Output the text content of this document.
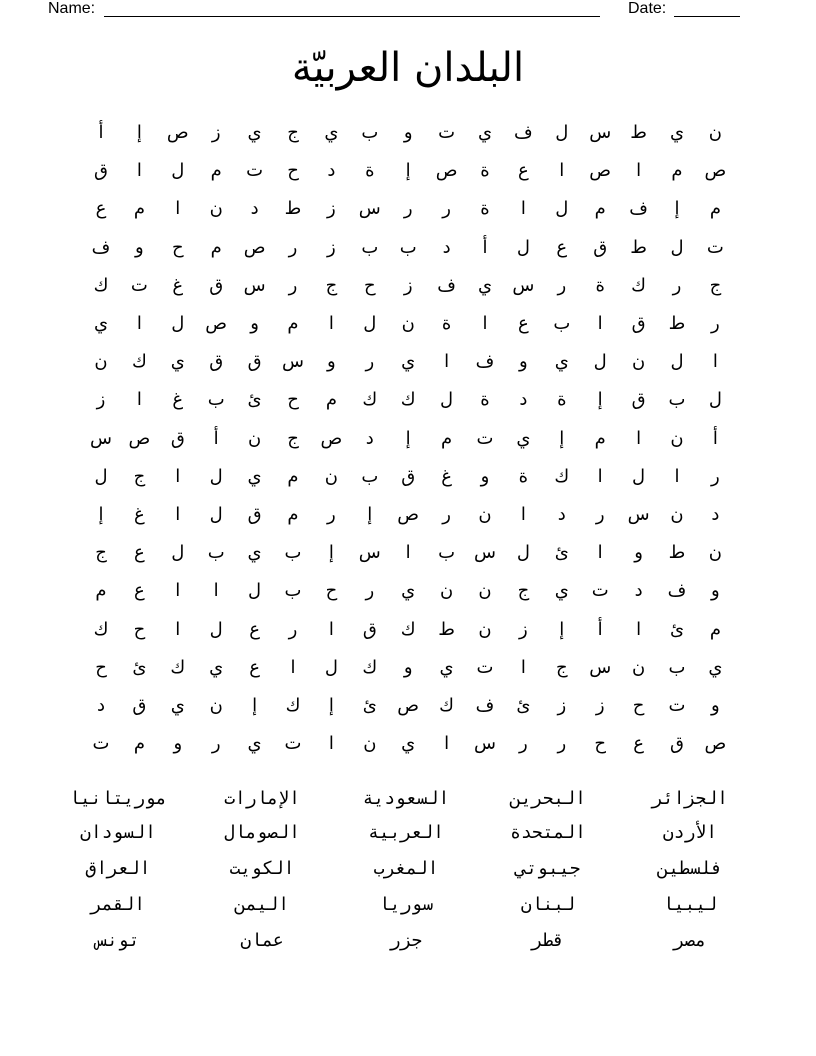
Name:	Date:
البلدان العربيّة
ن
ي
ط
س
ل
ف
ي
ت
و
ب
ي
ج
ي
ز
ص
إ
أ
ص
م
ا
ص
ا
ع
ة
ص
إ
ة
د
ح
ت
م
ل
ا
ق
م
إ
ف
م
ل
ا
ة
ر
ر
س
ز
ط
د
ن
ا
م
ع
ت
ل
ط
ق
ع
ل
أ
د
ب
ب
ز
ر
ص
م
ح
و
ف
ج
ر
ك
ة
ر
س
ي
ف
ز
ح
ج
ر
س
ق
غ
ت
ك
ر
ط
ق
ا
ب
ع
ا
ة
ن
ل
ا
م
و
ص
ل
ا
ي
ا
ل
ن
ل
ي
و
ف
ا
ي
ر
و
س
ق
ق
ي
ك
ن
ل
ب
ق
إ
ة
د
ة
ل
ك
ك
م
ح
ئ
ب
غ
ا
ز
أ
ن
ا
م
إ
ي
ت
م
إ
د
ص
ج
ن
أ
ق
ص
س
ر
ا
ل
ا
ك
ة
و
غ
ق
ب
ن
م
ي
ل
ا
ج
ل
د
ن
س
ر
د
ا
ن
ر
ص
إ
ر
م
ق
ل
ا
غ
إ
ن
ط
و
ا
ئ
ل
س
ب
ا
س
إ
ب
ي
ب
ل
ع
ج
و
ف
د
ت
ي
ج
ن
ن
ي
ر
ح
ب
ل
ا
ا
ع
م
م
ئ
ا
أ
إ
ز
ن
ط
ك
ق
ا
ر
ع
ل
ا
ح
ك
ي
ب
ن
س
ج
ا
ت
ي
و
ك
ل
ا
ع
ي
ك
ئ
ح
و
ت
ح
ز
ز
ئ
ف
ك
ص
ئ
إ
ك
إ
ن
ي
ق
د
ص
ق
ع
ح
ر
ر
س
ا
ي
ن
ا
ت
ي
ر
و
م
ت
الجزائر
البحرين
السعودية
الإمارات
موريتانيا
الأردن
المتحدة
العربية
الصومال
السودان
فلسطين
جيبوتي
المغرب
الكويت
العراق
ليبيا
لبنان
سوريا
اليمن
القمر
مصر
قطر
جزر
عمان
تونس
